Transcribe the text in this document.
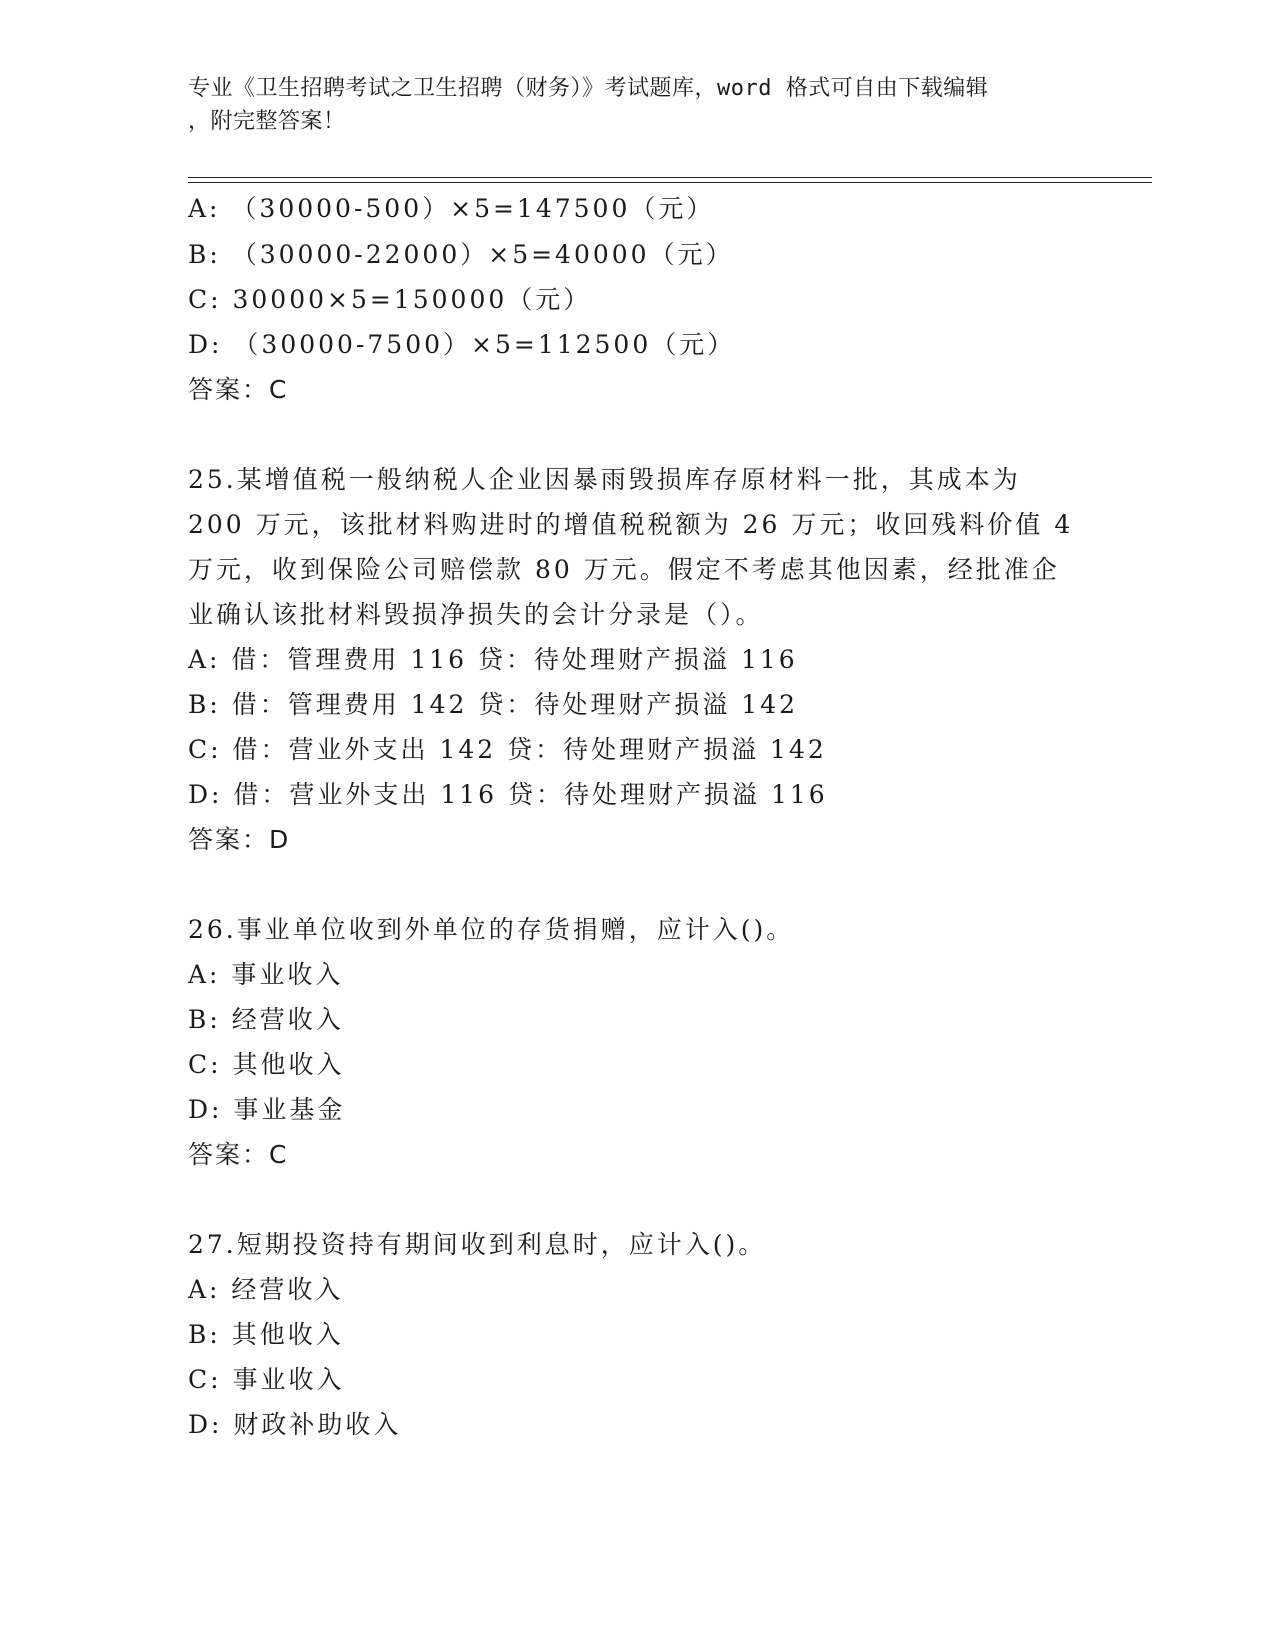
专业《卫生招聘考试之卫生招聘（财务）》考试题库，word 格式可自由下载编辑
，附完整答案！
A: （30000-500）×5=147500（元）
B: （30000-22000）×5=40000（元）
C: 30000×5=150000（元）
D: （30000-7500）×5=112500（元）
答案：C
25.某增值税一般纳税人企业因暴雨毁损库存原材料一批，其成本为
200 万元，该批材料购进时的增值税税额为 26 万元；收回残料价值 4
万元，收到保险公司赔偿款 80 万元。假定不考虑其他因素，经批准企
业确认该批材料毁损净损失的会计分录是（）。
A: 借：管理费用 116 贷：待处理财产损溢 116
B: 借：管理费用 142 贷：待处理财产损溢 142
C: 借：营业外支出 142 贷：待处理财产损溢 142
D: 借：营业外支出 116 贷：待处理财产损溢 116
答案：D
26.事业单位收到外单位的存货捐赠，应计入()。
A: 事业收入
B: 经营收入
C: 其他收入
D: 事业基金
答案：C
27.短期投资持有期间收到利息时，应计入()。
A: 经营收入
B: 其他收入
C: 事业收入
D: 财政补助收入
